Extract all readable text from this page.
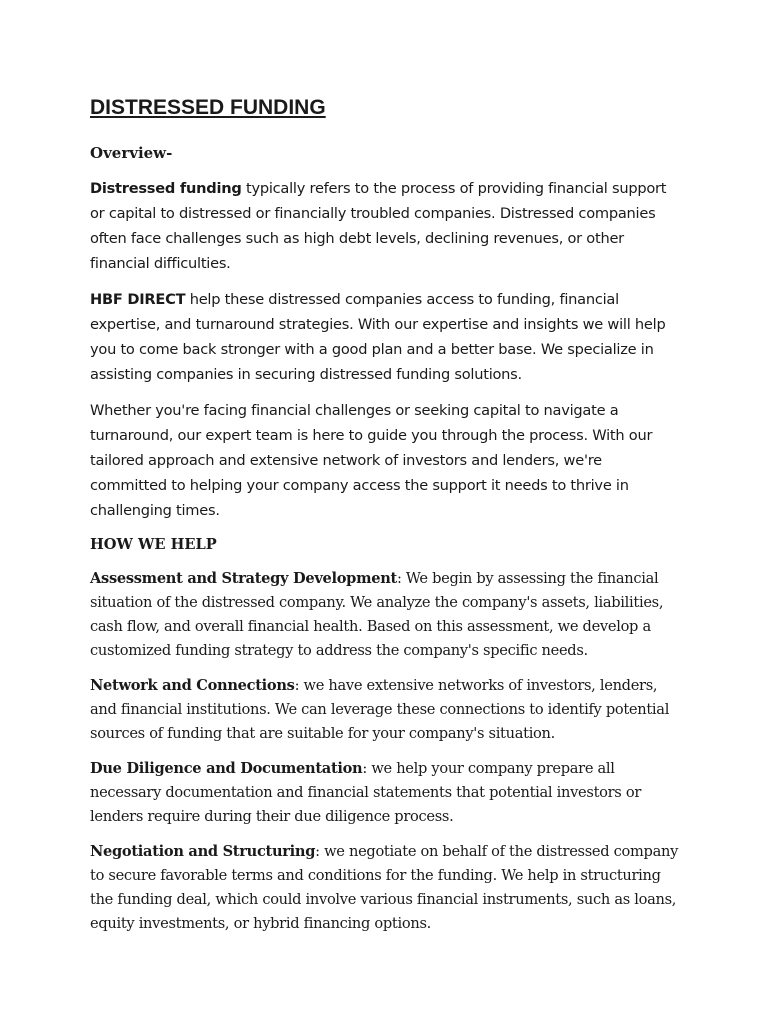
DISTRESSED FUNDING
Overview-

Distressed funding typically refers to the process of providing financial support or capital to distressed or financially troubled companies. Distressed companies often face challenges such as high debt levels, declining revenues, or other financial difficulties.

HBF DIRECT help these distressed companies access to funding, financial expertise, and turnaround strategies. With our expertise and insights we will help you to come back stronger with a good plan and a better base. We specialize in assisting companies in securing distressed funding solutions.

Whether you're facing financial challenges or seeking capital to navigate a turnaround, our expert team is here to guide you through the process. With our tailored approach and extensive network of investors and lenders, we're committed to helping your company access the support it needs to thrive in challenging times.

HOW WE HELP

Assessment and Strategy Development: We begin by assessing the financial situation of the distressed company. We analyze the company's assets, liabilities, cash flow, and overall financial health. Based on this assessment, we develop a customized funding strategy to address the company's specific needs.

Network and Connections: we have extensive networks of investors, lenders, and financial institutions. We can leverage these connections to identify potential sources of funding that are suitable for your company's situation.

Due Diligence and Documentation: we help your company prepare all necessary documentation and financial statements that potential investors or lenders require during their due diligence process.

Negotiation and Structuring: we negotiate on behalf of the distressed company to secure favorable terms and conditions for the funding. We help in structuring the funding deal, which could involve various financial instruments, such as loans, equity investments, or hybrid financing options.
